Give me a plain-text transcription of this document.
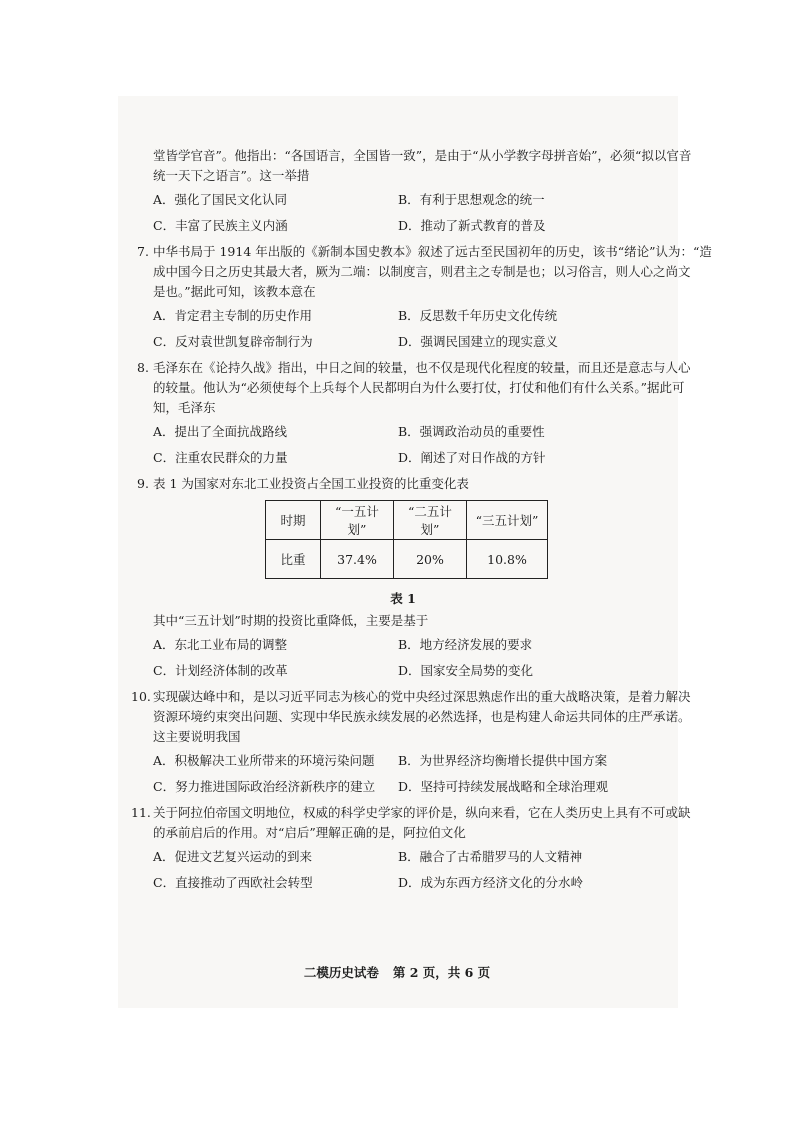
堂皆学官音”。他指出：“各国语言，全国皆一致”，是由于“从小学教字母拼音始”，必须“拟以官音
统一天下之语言”。这一举措
A．强化了国民文化认同	B．有利于思想观念的统一
C．丰富了民族主义内涵	D．推动了新式教育的普及
7. 中华书局于 1914 年出版的《新制本国史教本》叙述了远古至民国初年的历史，该书“绪论”认为：“造
成中国今日之历史其最大者，厥为二端：以制度言，则君主之专制是也；以习俗言，则人心之尚文
是也。”据此可知，该教本意在
A．肯定君主专制的历史作用	B．反思数千年历史文化传统
C．反对袁世凯复辟帝制行为	D．强调民国建立的现实意义
8. 毛泽东在《论持久战》指出，中日之间的较量，也不仅是现代化程度的较量，而且还是意志与人心
的较量。他认为“必须使每个上兵每个人民都明白为什么要打仗，打仗和他们有什么关系。”据此可
知，毛泽东
A．提出了全面抗战路线	B．强调政治动员的重要性
C．注重农民群众的力量	D．阐述了对日作战的方针
9. 表 1 为国家对东北工业投资占全国工业投资的比重变化表
时期	“一五计划”	“二五计划”	“三五计划”
比重	37.4%	20%	10.8%
表 1
其中“三五计划”时期的投资比重降低，主要是基于
A．东北工业布局的调整	B．地方经济发展的要求
C．计划经济体制的改革	D．国家安全局势的变化
10. 实现碳达峰中和，是以习近平同志为核心的党中央经过深思熟虑作出的重大战略决策，是着力解决
资源环境约束突出问题、实现中华民族永续发展的必然选择，也是构建人命运共同体的庄严承诺。
这主要说明我国
A．积极解决工业所带来的环境污染问题	B．为世界经济均衡增长提供中国方案
C．努力推进国际政治经济新秩序的建立	D．坚持可持续发展战略和全球治理观
11. 关于阿拉伯帝国文明地位，权威的科学史学家的评价是，纵向来看，它在人类历史上具有不可或缺
的承前启后的作用。对“启后”理解正确的是，阿拉伯文化
A．促进文艺复兴运动的到来	B．融合了古希腊罗马的人文精神
C．直接推动了西欧社会转型	D．成为东西方经济文化的分水岭
二模历史试卷 第 2 页，共 6 页
